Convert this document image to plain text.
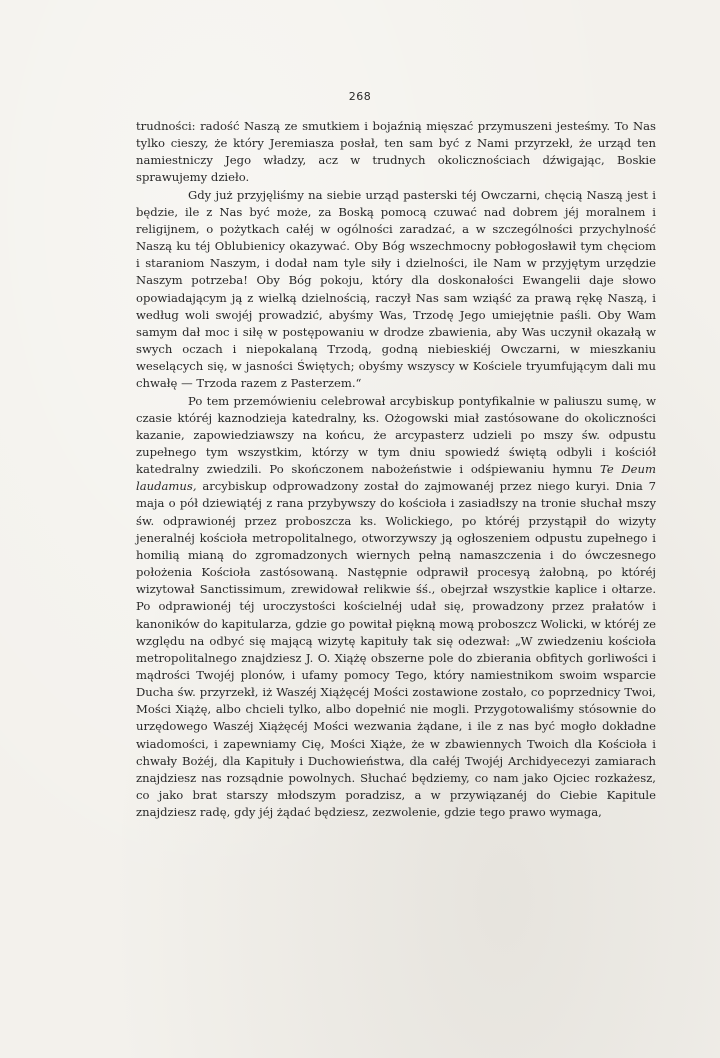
268

trudności: radość Naszą ze smutkiem i bojaźnią mięszać przymuszeni jesteśmy. To Nas tylko cieszy, że który Jeremiasza posłał, ten sam być z Nami przyrzekł, że urząd ten namiestniczy Jego władzy, acz w trudnych okolicznościach dźwigając, Boskie sprawujemy dzieło.

Gdy już przyjęliśmy na siebie urząd pasterski téj Owczarni, chęcią Naszą jest i będzie, ile z Nas być może, za Boską pomocą czuwać nad dobrem jéj moralnem i religijnem, o pożytkach całéj w ogólności zaradzać, a w szczególności przychylność Naszą ku téj Oblubienicy okazywać. Oby Bóg wszechmocny pobłogosławił tym chęciom i staraniom Naszym, i dodał nam tyle siły i dzielności, ile Nam w przyjętym urzędzie Naszym potrzeba! Oby Bóg pokoju, który dla doskonałości Ewangelii daje słowo opowiadającym ją z wielką dzielnością, raczył Nas sam wziąść za prawą rękę Naszą, i według woli swojéj prowadzić, abyśmy Was, Trzodę Jego umiejętnie paśli. Oby Wam samym dał moc i siłę w postępowaniu w drodze zbawienia, aby Was uczynił okazałą w swych oczach i niepokalaną Trzodą, godną niebieskiéj Owczarni, w mieszkaniu weselących się, w jasności Świętych; obyśmy wszyscy w Kościele tryumfującym dali mu chwałę — Trzoda razem z Pasterzem.“

Po tem przemówieniu celebrował arcybiskup pontyfikalnie w paliuszu sumę, w czasie któréj kaznodzieja katedralny, ks. Ożogowski miał zastósowane do okoliczności kazanie, zapowiedziawszy na końcu, że arcypasterz udzieli po mszy św. odpustu zupełnego tym wszystkim, którzy w tym dniu spowiedź świętą odbyli i kościół katedralny zwiedzili. Po skończonem nabożeństwie i odśpiewaniu hymnu Te Deum laudamus, arcybiskup odprowadzony został do zajmowanéj przez niego kuryi. Dnia 7 maja o pół dziewiątéj z rana przybywszy do kościoła i zasiadłszy na tronie słuchał mszy św. odprawionéj przez proboszcza ks. Wolickiego, po któréj przystąpił do wizyty jeneralnéj kościoła metropolitalnego, otworzywszy ją ogłoszeniem odpustu zupełnego i homilią mianą do zgromadzonych wiernych pełną namaszczenia i do ówczesnego położenia Kościoła zastósowaną. Następnie odprawił procesyą żałobną, po któréj wizytował Sanctissimum, zrewidował relikwie śś., obejrzał wszystkie kaplice i ołtarze. Po odprawionéj téj uroczystości kościelnéj udał się, prowadzony przez prałatów i kanoników do kapitularza, gdzie go powitał piękną mową proboszcz Wolicki, w któréj ze względu na odbyć się mającą wizytę kapituły tak się odezwał: „W zwiedzeniu kościoła metropolitalnego znajdziesz J. O. Xiążę obszerne pole do zbierania obfitych gorliwości i mądrości Twojéj plonów, i ufamy pomocy Tego, który namiestnikom swoim wsparcie Ducha św. przyrzekł, iż Waszéj Xiążęcéj Mości zostawione zostało, co poprzednicy Twoi, Mości Xiążę, albo chcieli tylko, albo dopełnić nie mogli. Przygotowaliśmy stósownie do urzędowego Waszéj Xiążęcéj Mości wezwania żądane, i ile z nas być mogło dokładne wiadomości, i zapewniamy Cię, Mości Xiąże, że w zbawiennych Twoich dla Kościoła i chwały Bożéj, dla Kapituły i Duchowieństwa, dla całéj Twojéj Archidyecezyi zamiarach znajdziesz nas rozsądnie powolnych. Słuchać będziemy, co nam jako Ojciec rozkażesz, co jako brat starszy młodszym poradzisz, a w przywiązanéj do Ciebie Kapitule znajdziesz radę, gdy jéj żądać będziesz, zezwolenie, gdzie tego prawo wymaga,
